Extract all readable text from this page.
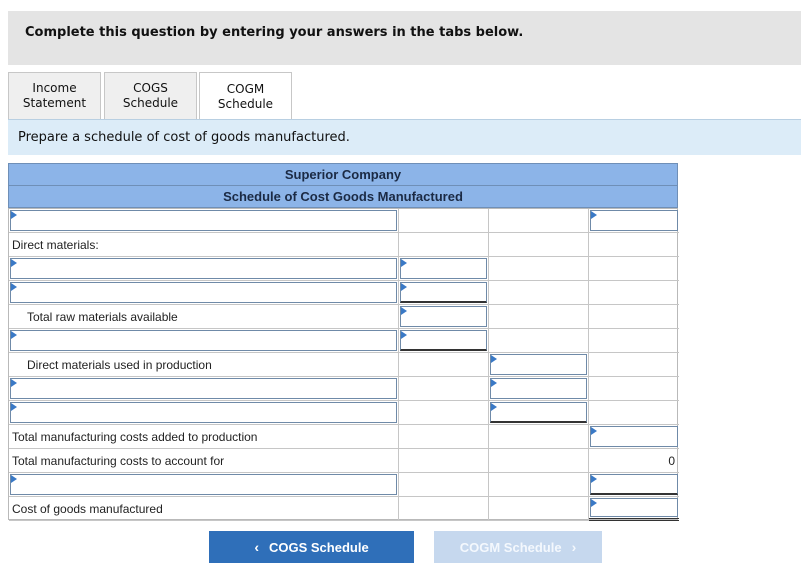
Complete this question by entering your answers in the tabs below.
Income
Statement
COGS
Schedule
COGM
Schedule
Prepare a schedule of cost of goods manufactured.
Superior Company
Schedule of Cost Goods Manufactured
Direct materials:
Total raw materials available
Direct materials used in production
Total manufacturing costs added to production
Total manufacturing costs to account for	0
Cost of goods manufactured
‹ COGS Schedule	COGM Schedule ›
